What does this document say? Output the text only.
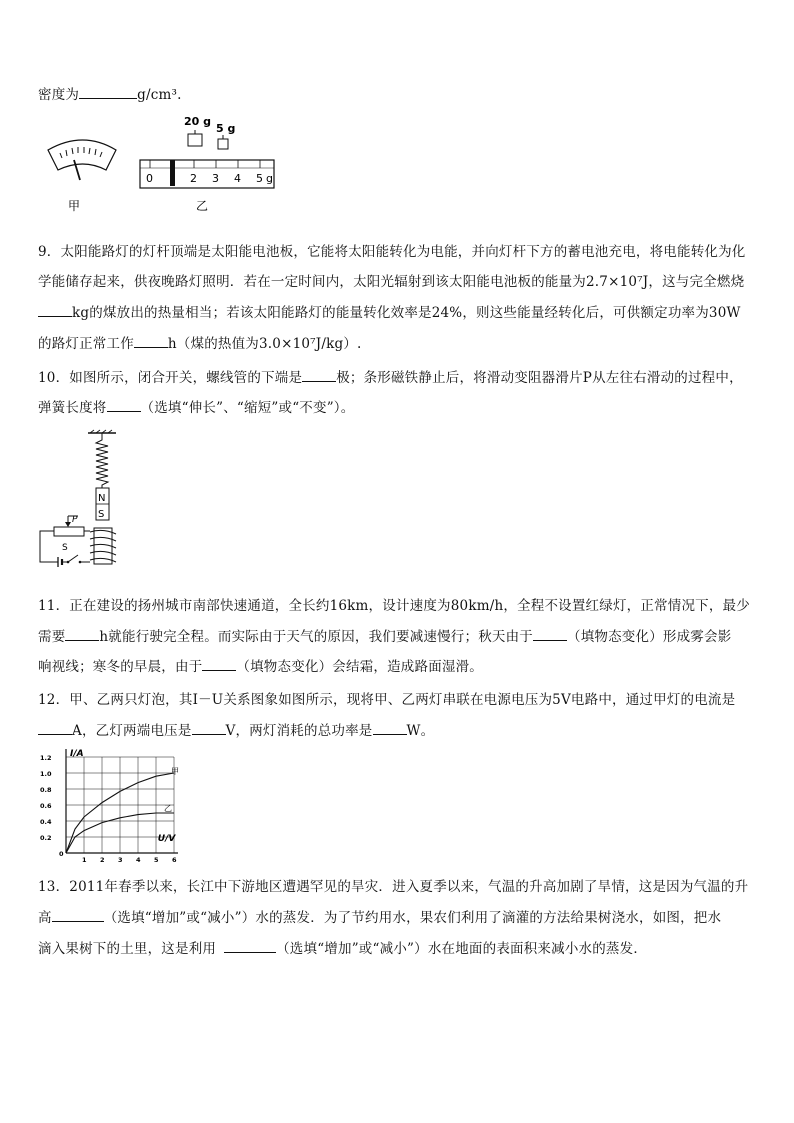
密度为	g/cm³.
甲
20 g
5 g
0	2 3 4 5 g
乙
9．太阳能路灯的灯杆顶端是太阳能电池板，它能将太阳能转化为电能，并向灯杆下方的蓄电池充电，将电能转化为化
学能储存起来，供夜晚路灯照明．若在一定时间内，太阳光辐射到该太阳能电池板的能量为2.7×10⁷J，这与完全燃烧
kg的煤放出的热量相当；若该太阳能路灯的能量转化效率是24%，则这些能量经转化后，可供额定功率为30W
的路灯正常工作	h（煤的热值为3.0×10⁷J/kg）.
10．如图所示，闭合开关，螺线管的下端是	极；条形磁铁静止后，将滑动变阻器滑片P从左往右滑动的过程中，
弹簧长度将	（选填“伸长”、“缩短”或“不变”）。
N
S
P
S
11．正在建设的扬州城市南部快速通道，全长约16km，设计速度为80km/h，全程不设置红绿灯，正常情况下，最少
需要	h就能行驶完全程。而实际由于天气的原因，我们要减速慢行；秋天由于	（填物态变化）形成雾会影
响视线；寒冬的早晨，由于	（填物态变化）会结霜，造成路面湿滑。
12．甲、乙两只灯泡，其I－U关系图象如图所示，现将甲、乙两灯串联在电源电压为5V电路中，通过甲灯的电流是
A，乙灯两端电压是	V，两灯消耗的总功率是	W。
0.2
0.4
0.6
0.8
1.0
1.2
0
1 2 3 4 5 6
I/A
U/V
甲
乙
13．2011年春季以来，长江中下游地区遭遇罕见的旱灾．进入夏季以来，气温的升高加剧了旱情，这是因为气温的升
高	（选填“增加”或“减小”）水的蒸发．为了节约用水，果农们利用了滴灌的方法给果树浇水，如图，把水
滴入果树下的土里，这是利用	（选填“增加”或“减小”）水在地面的表面积来减小水的蒸发．
